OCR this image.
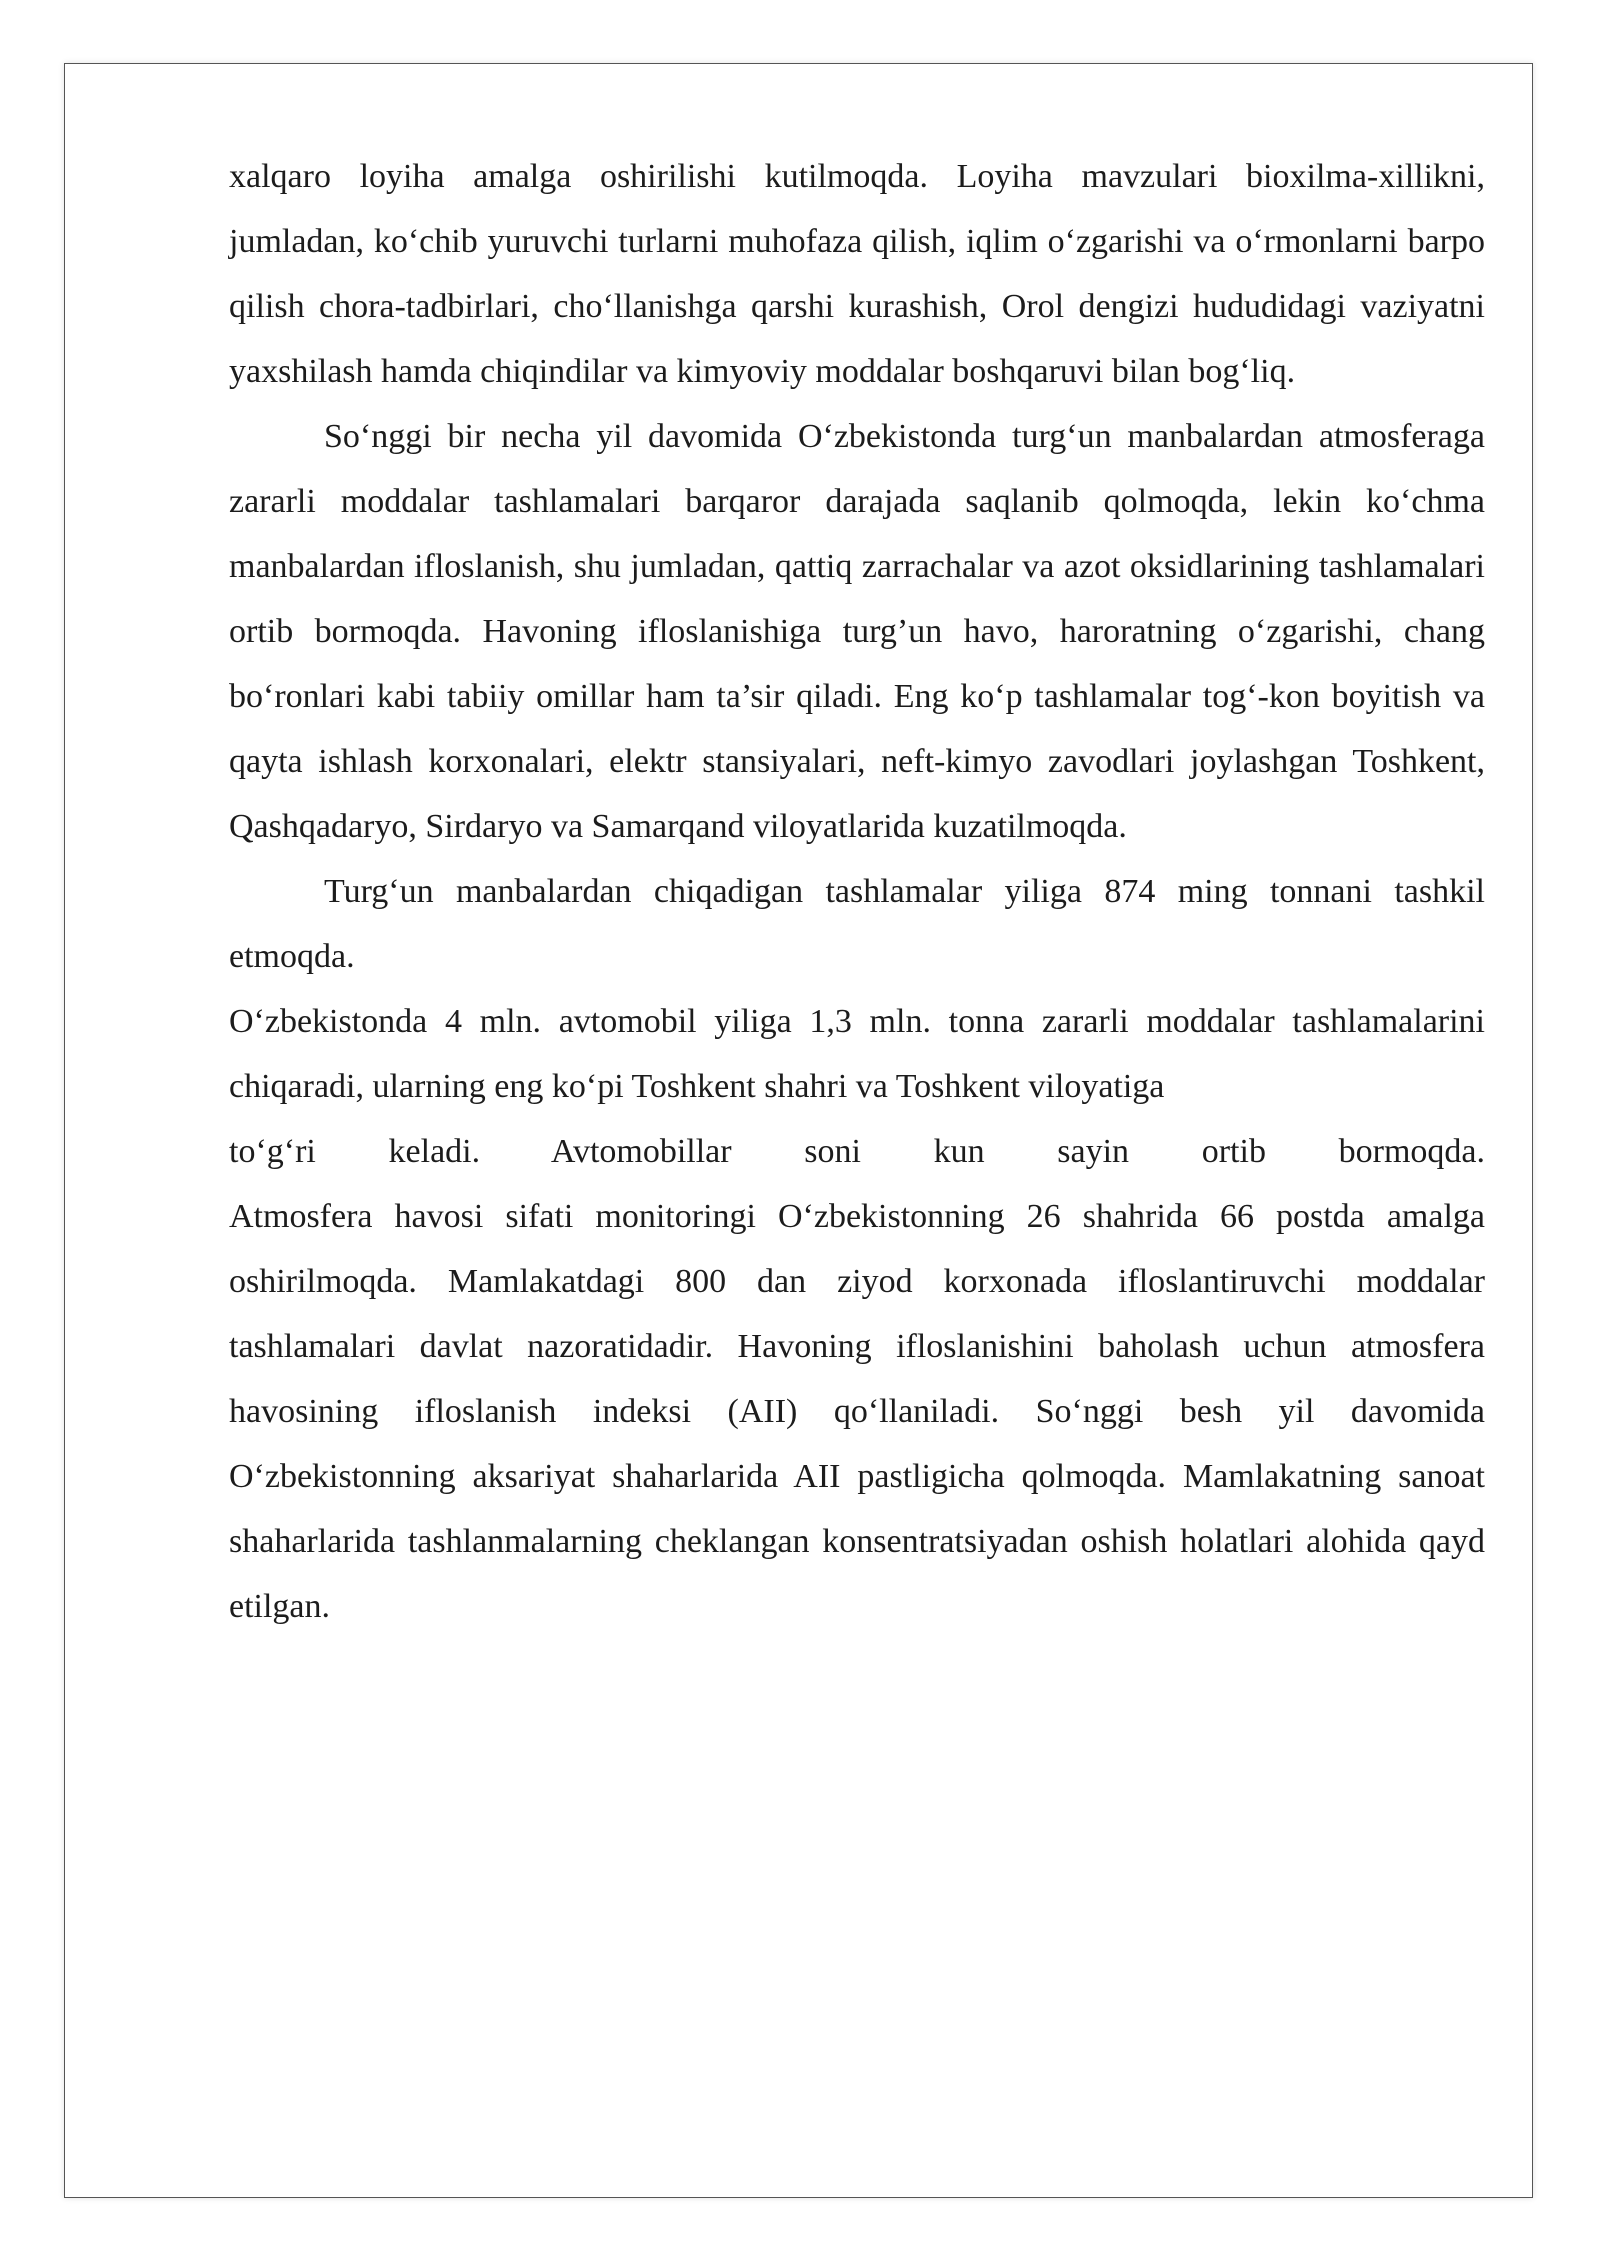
xalqaro loyiha amalga oshirilishi kutilmoqda. Loyiha mavzulari bioxilma-xillikni, jumladan, ko‘chib yuruvchi turlarni muhofaza qilish, iqlim o‘zgarishi va o‘rmonlarni barpo qilish chora-tadbirlari, cho‘llanishga qarshi kurashish, Orol dengizi hududidagi vaziyatni yaxshilash hamda chiqindilar va kimyoviy moddalar boshqaruvi bilan bog‘liq.

So‘nggi bir necha yil davomida O‘zbekistonda turg‘un manbalardan atmosferaga zararli moddalar tashlamalari barqaror darajada saqlanib qolmoqda, lekin ko‘chma manbalardan ifloslanish, shu jumladan, qattiq zarrachalar va azot oksidlarining tashlamalari ortib bormoqda. Havoning ifloslanishiga turg’un havo, haroratning o‘zgarishi, chang bo‘ronlari kabi tabiiy omillar ham ta’sir qiladi. Eng ko‘p tashlamalar tog‘-kon boyitish va qayta ishlash korxonalari, elektr stansiyalari, neft-kimyo zavodlari joylashgan Toshkent, Qashqadaryo, Sirdaryo va Samarqand viloyatlarida kuzatilmoqda.

Turg‘un manbalardan chiqadigan tashlamalar yiliga 874 ming tonnani tashkil etmoqda.

O‘zbekistonda 4 mln. avtomobil yiliga 1,3 mln. tonna zararli moddalar tashlamalarini chiqaradi, ularning eng ko‘pi Toshkent shahri va Toshkent viloyatiga
to‘g‘ri keladi. Avtomobillar soni kun sayin ortib bormoqda.
Atmosfera havosi sifati monitoringi O‘zbekistonning 26 shahrida 66 postda amalga oshirilmoqda. Mamlakatdagi 800 dan ziyod korxonada ifloslantiruvchi moddalar tashlamalari davlat nazoratidadir. Havoning ifloslanishini baholash uchun atmosfera havosining ifloslanish indeksi (AII) qo‘llaniladi. So‘nggi besh yil davomida O‘zbekistonning aksariyat shaharlarida AII pastligicha qolmoqda. Mamlakatning sanoat shaharlarida tashlanmalarning cheklangan konsentratsiyadan oshish holatlari alohida qayd etilgan.
